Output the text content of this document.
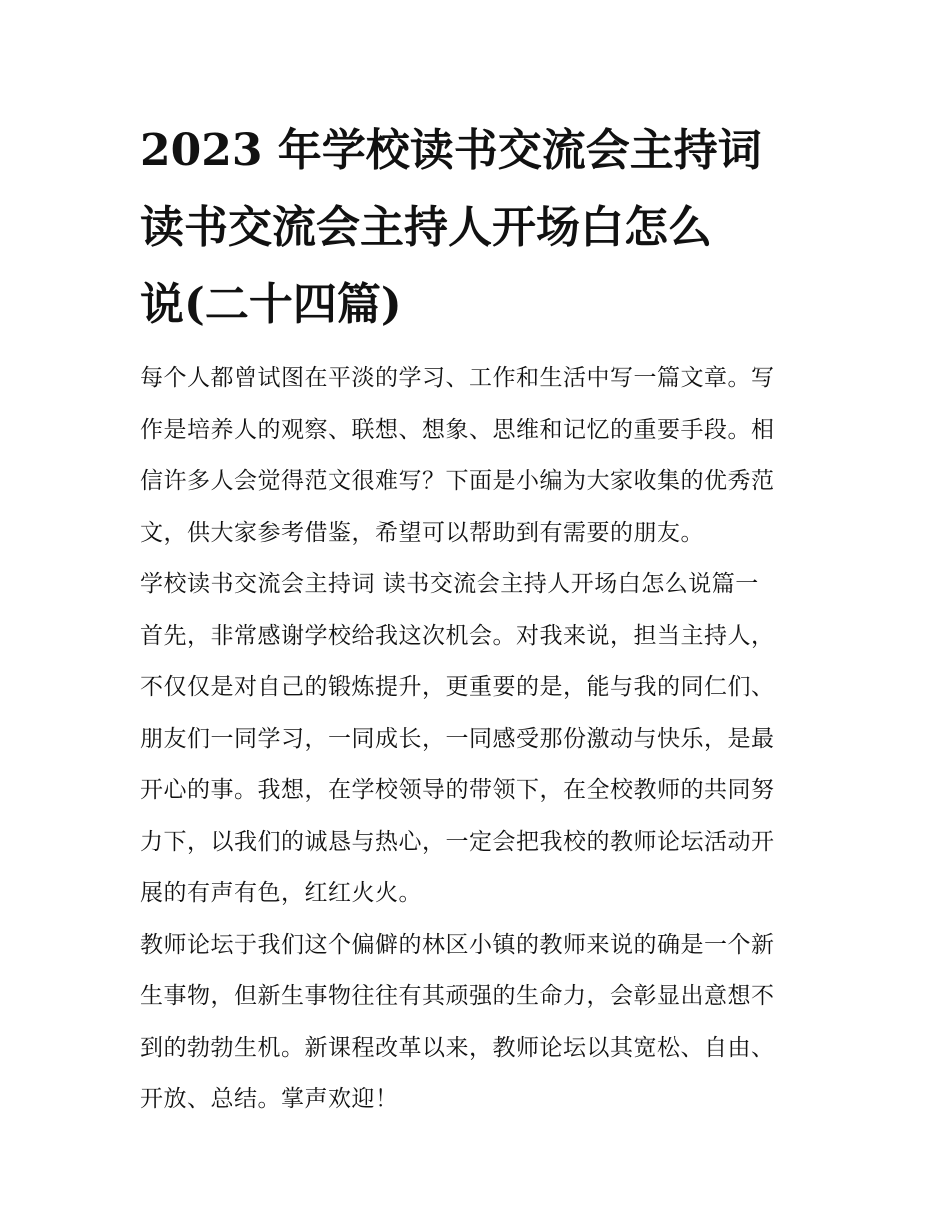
2023 年学校读书交流会主持词
读书交流会主持人开场白怎么
说(二十四篇)

每个人都曾试图在平淡的学习、工作和生活中写一篇文章。写
作是培养人的观察、联想、想象、思维和记忆的重要手段。相
信许多人会觉得范文很难写？下面是小编为大家收集的优秀范
文，供大家参考借鉴，希望可以帮助到有需要的朋友。

学校读书交流会主持词 读书交流会主持人开场白怎么说篇一

首先，非常感谢学校给我这次机会。对我来说，担当主持人，
不仅仅是对自己的锻炼提升，更重要的是，能与我的同仁们、
朋友们一同学习，一同成长，一同感受那份激动与快乐，是最
开心的事。我想，在学校领导的带领下，在全校教师的共同努
力下，以我们的诚恳与热心，一定会把我校的教师论坛活动开
展的有声有色，红红火火。

教师论坛于我们这个偏僻的林区小镇的教师来说的确是一个新
生事物，但新生事物往往有其顽强的生命力，会彰显出意想不
到的勃勃生机。新课程改革以来，教师论坛以其宽松、自由、
开放、总结。掌声欢迎！
